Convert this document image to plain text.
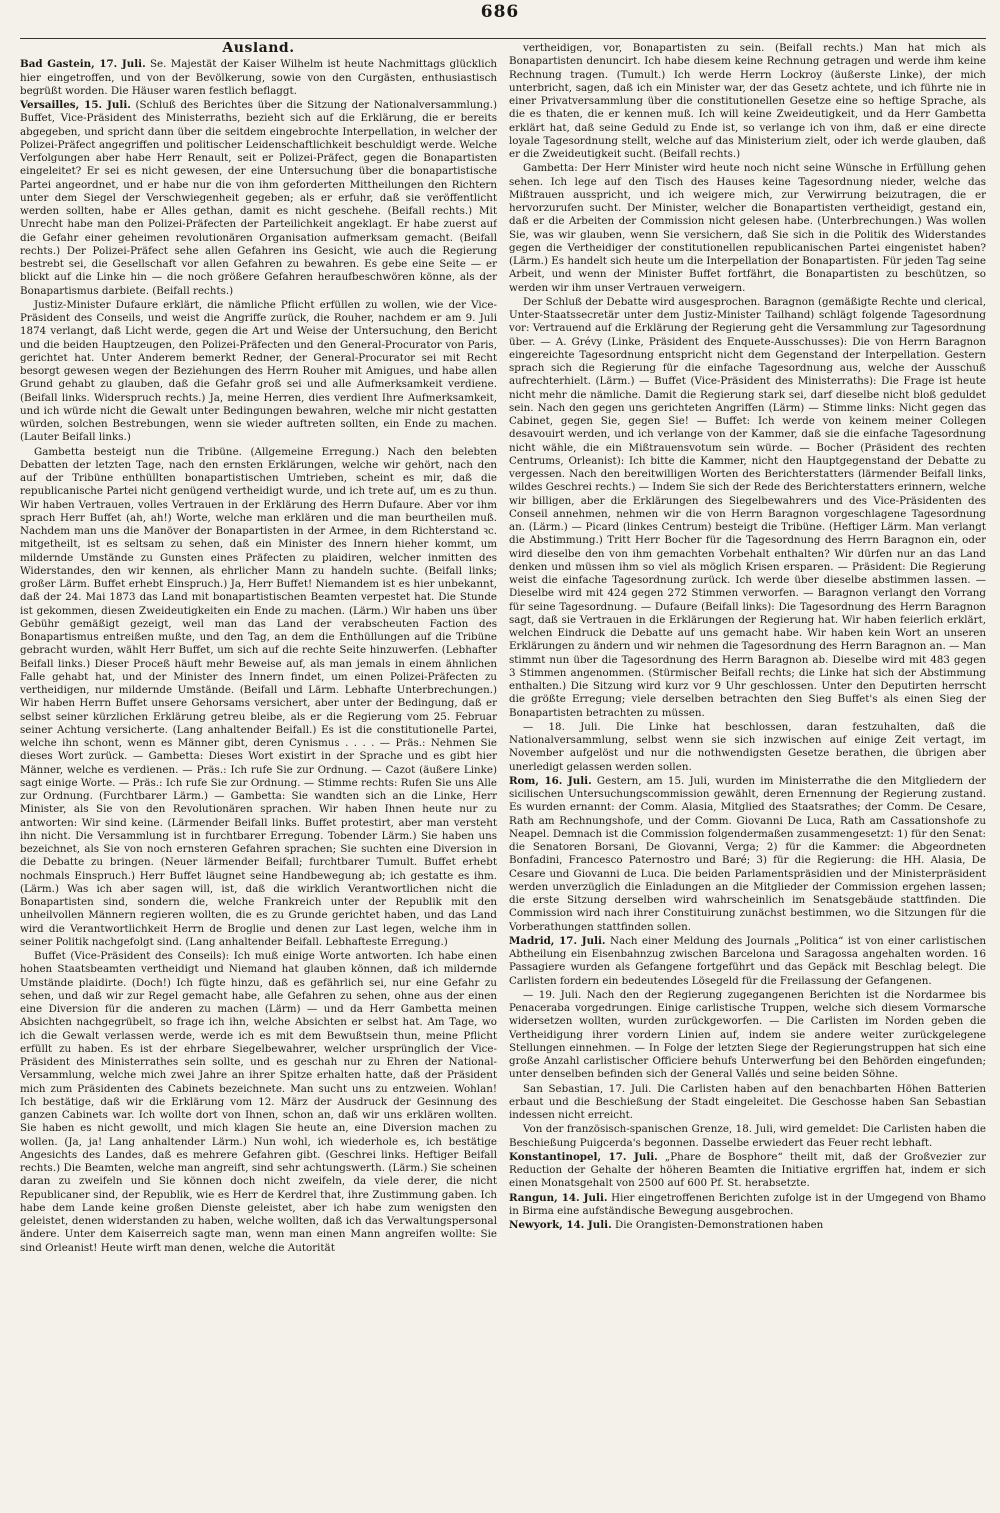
686
Ausland.

Bad Gastein, 17. Juli. Se. Majestät der Kaiser Wilhelm ist heute Nachmittags glücklich hier eingetroffen, und von der Bevölkerung, sowie von den Curgästen, enthusiastisch begrüßt worden. Die Häuser waren festlich beflaggt.

Versailles, 15. Juli. (Schluß des Berichtes über die Sitzung der Nationalversammlung.) Buffet, Vice-Präsident des Ministerraths, bezieht sich auf die Erklärung, die er bereits abgegeben, und spricht dann über die seitdem eingebrochte Interpellation, in welcher der Polizei-Präfect angegriffen und politischer Leidenschaftlichkeit beschuldigt werde. Welche Verfolgungen aber habe Herr Renault, seit er Polizei-Präfect, gegen die Bonapartisten eingeleitet? Er sei es nicht gewesen, der eine Untersuchung über die bonapartistische Partei angeordnet, und er habe nur die von ihm geforderten Mittheilungen den Richtern unter dem Siegel der Verschwiegenheit gegeben; als er erfuhr, daß sie veröffentlicht werden sollten, habe er Alles gethan, damit es nicht geschehe. (Beifall rechts.) Mit Unrecht habe man den Polizei-Präfecten der Parteilichkeit angeklagt. Er habe zuerst auf die Gefahr einer geheimen revolutionären Organisation aufmerksam gemacht. (Beifall rechts.) Der Polizei-Präfect sehe allen Gefahren ins Gesicht, wie auch die Regierung bestrebt sei, die Gesellschaft vor allen Gefahren zu bewahren. Es gebe eine Seite — er blickt auf die Linke hin — die noch größere Gefahren heraufbeschwören könne, als der Bonapartismus darbiete. (Beifall rechts.)

Justiz-Minister Dufaure erklärt, die nämliche Pflicht erfüllen zu wollen, wie der Vice-Präsident des Conseils, und weist die Angriffe zurück, die Rouher, nachdem er am 9. Juli 1874 verlangt, daß Licht werde, gegen die Art und Weise der Untersuchung, den Bericht und die beiden Hauptzeugen, den Polizei-Präfecten und den General-Procurator von Paris, gerichtet hat. Unter Anderem bemerkt Redner, der General-Procurator sei mit Recht besorgt gewesen wegen der Beziehungen des Herrn Rouher mit Amigues, und habe allen Grund gehabt zu glauben, daß die Gefahr groß sei und alle Aufmerksamkeit verdiene. (Beifall links. Widerspruch rechts.) Ja, meine Herren, dies verdient Ihre Aufmerksamkeit, und ich würde nicht die Gewalt unter Bedingungen bewahren, welche mir nicht gestatten würden, solchen Bestrebungen, wenn sie wieder auftreten sollten, ein Ende zu machen. (Lauter Beifall links.)

Gambetta besteigt nun die Tribüne. (Allgemeine Erregung.) Nach den belebten Debatten der letzten Tage, nach den ernsten Erklärungen, welche wir gehört, nach den auf der Tribüne enthüllten bonapartistischen Umtrieben, scheint es mir, daß die republicanische Partei nicht genügend vertheidigt wurde, und ich trete auf, um es zu thun. Wir haben Vertrauen, volles Vertrauen in der Erklärung des Herrn Dufaure. Aber vor ihm sprach Herr Buffet (ah, ah!) Worte, welche man erklären und die man beurtheilen muß. Nachdem man uns die Manöver der Bonapartisten in der Armee, in dem Richterstand ꝛc. mitgetheilt, ist es seltsam zu sehen, daß ein Minister des Innern hieher kommt, um mildernde Umstände zu Gunsten eines Präfecten zu plaidiren, welcher inmitten des Widerstandes, den wir kennen, als ehrlicher Mann zu handeln suchte. (Beifall links; großer Lärm. Buffet erhebt Einspruch.) Ja, Herr Buffet! Niemandem ist es hier unbekannt, daß der 24. Mai 1873 das Land mit bonapartistischen Beamten verpestet hat. Die Stunde ist gekommen, diesen Zweideutigkeiten ein Ende zu machen. (Lärm.) Wir haben uns über Gebühr gemäßigt gezeigt, weil man das Land der verabscheuten Faction des Bonapartismus entreißen mußte, und den Tag, an dem die Enthüllungen auf die Tribüne gebracht wurden, wählt Herr Buffet, um sich auf die rechte Seite hinzuwerfen. (Lebhafter Beifall links.) Dieser Proceß häuft mehr Beweise auf, als man jemals in einem ähnlichen Falle gehabt hat, und der Minister des Innern findet, um einen Polizei-Präfecten zu vertheidigen, nur mildernde Umstände. (Beifall und Lärm. Lebhafte Unterbrechungen.) Wir haben Herrn Buffet unsere Gehorsams versichert, aber unter der Bedingung, daß er selbst seiner kürzlichen Erklärung getreu bleibe, als er die Regierung vom 25. Februar seiner Achtung versicherte. (Lang anhaltender Beifall.) Es ist die constitutionelle Partei, welche ihn schont, wenn es Männer gibt, deren Cynismus . . . . — Präs.: Nehmen Sie dieses Wort zurück. — Gambetta: Dieses Wort existirt in der Sprache und es gibt hier Männer, welche es verdienen. — Präs.: Ich rufe Sie zur Ordnung. — Cazot (äußere Linke) sagt einige Worte. — Präs.: Ich rufe Sie zur Ordnung. — Stimme rechts: Rufen Sie uns Alle zur Ordnung. (Furchtbarer Lärm.) — Gambetta: Sie wandten sich an die Linke, Herr Minister, als Sie von den Revolutionären sprachen. Wir haben Ihnen heute nur zu antworten: Wir sind keine. (Lärmender Beifall links. Buffet protestirt, aber man versteht ihn nicht. Die Versammlung ist in furchtbarer Erregung. Tobender Lärm.) Sie haben uns bezeichnet, als Sie von noch ernsteren Gefahren sprachen; Sie suchten eine Diversion in die Debatte zu bringen. (Neuer lärmender Beifall; furchtbarer Tumult. Buffet erhebt nochmals Einspruch.) Herr Buffet läugnet seine Handbewegung ab; ich gestatte es ihm. (Lärm.) Was ich aber sagen will, ist, daß die wirklich Verantwortlichen nicht die Bonapartisten sind, sondern die, welche Frankreich unter der Republik mit den unheilvollen Männern regieren wollten, die es zu Grunde gerichtet haben, und das Land wird die Verantwortlichkeit Herrn de Broglie und denen zur Last legen, welche ihm in seiner Politik nachgefolgt sind. (Lang anhaltender Beifall. Lebhafteste Erregung.)

Buffet (Vice-Präsident des Conseils): Ich muß einige Worte antworten. Ich habe einen hohen Staatsbeamten vertheidigt und Niemand hat glauben können, daß ich mildernde Umstände plaidirte. (Doch!) Ich fügte hinzu, daß es gefährlich sei, nur eine Gefahr zu sehen, und daß wir zur Regel gemacht habe, alle Gefahren zu sehen, ohne aus der einen eine Diversion für die anderen zu machen (Lärm) — und da Herr Gambetta meinen Absichten nachgegrübelt, so frage ich ihn, welche Absichten er selbst hat. Am Tage, wo ich die Gewalt verlassen werde, werde ich es mit dem Bewußtsein thun, meine Pflicht erfüllt zu haben. Es ist der ehrbare Siegelbewahrer, welcher ursprünglich der Vice-Präsident des Ministerrathes sein sollte, und es geschah nur zu Ehren der National-Versammlung, welche mich zwei Jahre an ihrer Spitze erhalten hatte, daß der Präsident mich zum Präsidenten des Cabinets bezeichnete. Man sucht uns zu entzweien. Wohlan! Ich bestätige, daß wir die Erklärung vom 12. März der Ausdruck der Gesinnung des ganzen Cabinets war. Ich wollte dort von Ihnen, schon an, daß wir uns erklären wollten. Sie haben es nicht gewollt, und mich klagen Sie heute an, eine Diversion machen zu wollen. (Ja, ja! Lang anhaltender Lärm.) Nun wohl, ich wiederhole es, ich bestätige Angesichts des Landes, daß es mehrere Gefahren gibt. (Geschrei links. Heftiger Beifall rechts.) Die Beamten, welche man angreift, sind sehr achtungswerth. (Lärm.) Sie scheinen daran zu zweifeln und Sie können doch nicht zweifeln, da viele derer, die nicht Republicaner sind, der Republik, wie es Herr de Kerdrel that, ihre Zustimmung gaben. Ich habe dem Lande keine großen Dienste geleistet, aber ich habe zum wenigsten den geleistet, denen widerstanden zu haben, welche wollten, daß ich das Verwaltungspersonal ändere. Unter dem Kaiserreich sagte man, wenn man einen Mann angreifen wollte: Sie sind Orleanist! Heute wirft man denen, welche die Autorität

vertheidigen, vor, Bonapartisten zu sein. (Beifall rechts.) Man hat mich als Bonapartisten denuncirt. Ich habe diesem keine Rechnung getragen und werde ihm keine Rechnung tragen. (Tumult.) Ich werde Herrn Lockroy (äußerste Linke), der mich unterbricht, sagen, daß ich ein Minister war, der das Gesetz achtete, und ich führte nie in einer Privatversammlung über die constitutionellen Gesetze eine so heftige Sprache, als die es thaten, die er kennen muß. Ich will keine Zweideutigkeit, und da Herr Gambetta erklärt hat, daß seine Geduld zu Ende ist, so verlange ich von ihm, daß er eine directe loyale Tagesordnung stellt, welche auf das Ministerium zielt, oder ich werde glauben, daß er die Zweideutigkeit sucht. (Beifall rechts.)

Gambetta: Der Herr Minister wird heute noch nicht seine Wünsche in Erfüllung gehen sehen. Ich lege auf den Tisch des Hauses keine Tagesordnung nieder, welche das Mißtrauen ausspricht, und ich weigere mich, zur Verwirrung beizutragen, die er hervorzurufen sucht. Der Minister, welcher die Bonapartisten vertheidigt, gestand ein, daß er die Arbeiten der Commission nicht gelesen habe. (Unterbrechungen.) Was wollen Sie, was wir glauben, wenn Sie versichern, daß Sie sich in die Politik des Widerstandes gegen die Vertheidiger der constitutionellen republicanischen Partei eingenistet haben? (Lärm.) Es handelt sich heute um die Interpellation der Bonapartisten. Für jeden Tag seine Arbeit, und wenn der Minister Buffet fortfährt, die Bonapartisten zu beschützen, so werden wir ihm unser Vertrauen verweigern.

Der Schluß der Debatte wird ausgesprochen. Baragnon (gemäßigte Rechte und clerical, Unter-Staatssecretär unter dem Justiz-Minister Tailhand) schlägt folgende Tagesordnung vor: Vertrauend auf die Erklärung der Regierung geht die Versammlung zur Tagesordnung über. — A. Grévy (Linke, Präsident des Enquete-Ausschusses): Die von Herrn Baragnon eingereichte Tagesordnung entspricht nicht dem Gegenstand der Interpellation. Gestern sprach sich die Regierung für die einfache Tagesordnung aus, welche der Ausschuß aufrechterhielt. (Lärm.) — Buffet (Vice-Präsident des Ministerraths): Die Frage ist heute nicht mehr die nämliche. Damit die Regierung stark sei, darf dieselbe nicht bloß geduldet sein. Nach den gegen uns gerichteten Angriffen (Lärm) — Stimme links: Nicht gegen das Cabinet, gegen Sie, gegen Sie! — Buffet: Ich werde von keinem meiner Collegen desavouirt werden, und ich verlange von der Kammer, daß sie die einfache Tagesordnung nicht wähle, die ein Mißtrauensvotum sein würde. — Bocher (Präsident des rechten Centrums, Orleanist): Ich bitte die Kammer, nicht den Hauptgegenstand der Debatte zu vergessen. Nach den bereitwilligen Worten des Berichterstatters (lärmender Beifall links, wildes Geschrei rechts.) — Indem Sie sich der Rede des Berichterstatters erinnern, welche wir billigen, aber die Erklärungen des Siegelbewahrers und des Vice-Präsidenten des Conseil annehmen, nehmen wir die von Herrn Baragnon vorgeschlagene Tagesordnung an. (Lärm.) — Picard (linkes Centrum) besteigt die Tribüne. (Heftiger Lärm. Man verlangt die Abstimmung.) Tritt Herr Bocher für die Tagesordnung des Herrn Baragnon ein, oder wird dieselbe den von ihm gemachten Vorbehalt enthalten? Wir dürfen nur an das Land denken und müssen ihm so viel als möglich Krisen ersparen. — Präsident: Die Regierung weist die einfache Tagesordnung zurück. Ich werde über dieselbe abstimmen lassen. — Dieselbe wird mit 424 gegen 272 Stimmen verworfen. — Baragnon verlangt den Vorrang für seine Tagesordnung. — Dufaure (Beifall links): Die Tagesordnung des Herrn Baragnon sagt, daß sie Vertrauen in die Erklärungen der Regierung hat. Wir haben feierlich erklärt, welchen Eindruck die Debatte auf uns gemacht habe. Wir haben kein Wort an unseren Erklärungen zu ändern und wir nehmen die Tagesordnung des Herrn Baragnon an. — Man stimmt nun über die Tagesordnung des Herrn Baragnon ab. Dieselbe wird mit 483 gegen 3 Stimmen angenommen. (Stürmischer Beifall rechts; die Linke hat sich der Abstimmung enthalten.) Die Sitzung wird kurz vor 9 Uhr geschlossen. Unter den Deputirten herrscht die größte Erregung; viele derselben betrachten den Sieg Buffet's als einen Sieg der Bonapartisten betrachten zu müssen.

— 18. Juli. Die Linke hat beschlossen, daran festzuhalten, daß die Nationalversammlung, selbst wenn sie sich inzwischen auf einige Zeit vertagt, im November aufgelöst und nur die nothwendigsten Gesetze berathen, die übrigen aber unerledigt gelassen werden sollen.

Rom, 16. Juli. Gestern, am 15. Juli, wurden im Ministerrathe die den Mitgliedern der sicilischen Untersuchungscommission gewählt, deren Ernennung der Regierung zustand. Es wurden ernannt: der Comm. Alasia, Mitglied des Staatsrathes; der Comm. De Cesare, Rath am Rechnungshofe, und der Comm. Giovanni De Luca, Rath am Cassationshofe zu Neapel. Demnach ist die Commission folgendermaßen zusammengesetzt: 1) für den Senat: die Senatoren Borsani, De Giovanni, Verga; 2) für die Kammer: die Abgeordneten Bonfadini, Francesco Paternostro und Baré; 3) für die Regierung: die HH. Alasia, De Cesare und Giovanni de Luca. Die beiden Parlamentspräsidien und der Ministerpräsident werden unverzüglich die Einladungen an die Mitglieder der Commission ergehen lassen; die erste Sitzung derselben wird wahrscheinlich im Senatsgebäude stattfinden. Die Commission wird nach ihrer Constituirung zunächst bestimmen, wo die Sitzungen für die Vorberathungen stattfinden sollen.

Madrid, 17. Juli. Nach einer Meldung des Journals „Politica“ ist von einer carlistischen Abtheilung ein Eisenbahnzug zwischen Barcelona und Saragossa angehalten worden. 16 Passagiere wurden als Gefangene fortgeführt und das Gepäck mit Beschlag belegt. Die Carlisten fordern ein bedeutendes Lösegeld für die Freilassung der Gefangenen.

— 19. Juli. Nach den der Regierung zugegangenen Berichten ist die Nordarmee bis Penaceraba vorgedrungen. Einige carlistische Truppen, welche sich diesem Vormarsche widersetzen wollten, wurden zurückgeworfen. — Die Carlisten im Norden geben die Vertheidigung ihrer vordern Linien auf, indem sie andere weiter zurückgelegene Stellungen einnehmen. — In Folge der letzten Siege der Regierungstruppen hat sich eine große Anzahl carlistischer Officiere behufs Unterwerfung bei den Behörden eingefunden; unter denselben befinden sich der General Vallés und seine beiden Söhne.

San Sebastian, 17. Juli. Die Carlisten haben auf den benachbarten Höhen Batterien erbaut und die Beschießung der Stadt eingeleitet. Die Geschosse haben San Sebastian indessen nicht erreicht.

Von der französisch-spanischen Grenze, 18. Juli, wird gemeldet: Die Carlisten haben die Beschießung Puigcerda's begonnen. Dasselbe erwiedert das Feuer recht lebhaft.

Konstantinopel, 17. Juli. „Phare de Bosphore“ theilt mit, daß der Großvezier zur Reduction der Gehalte der höheren Beamten die Initiative ergriffen hat, indem er sich einen Monatsgehalt von 2500 auf 600 Pf. St. herabsetzte.

Rangun, 14. Juli. Hier eingetroffenen Berichten zufolge ist in der Umgegend von Bhamo in Birma eine aufständische Bewegung ausgebrochen.

Newyork, 14. Juli. Die Orangisten-Demonstrationen haben
